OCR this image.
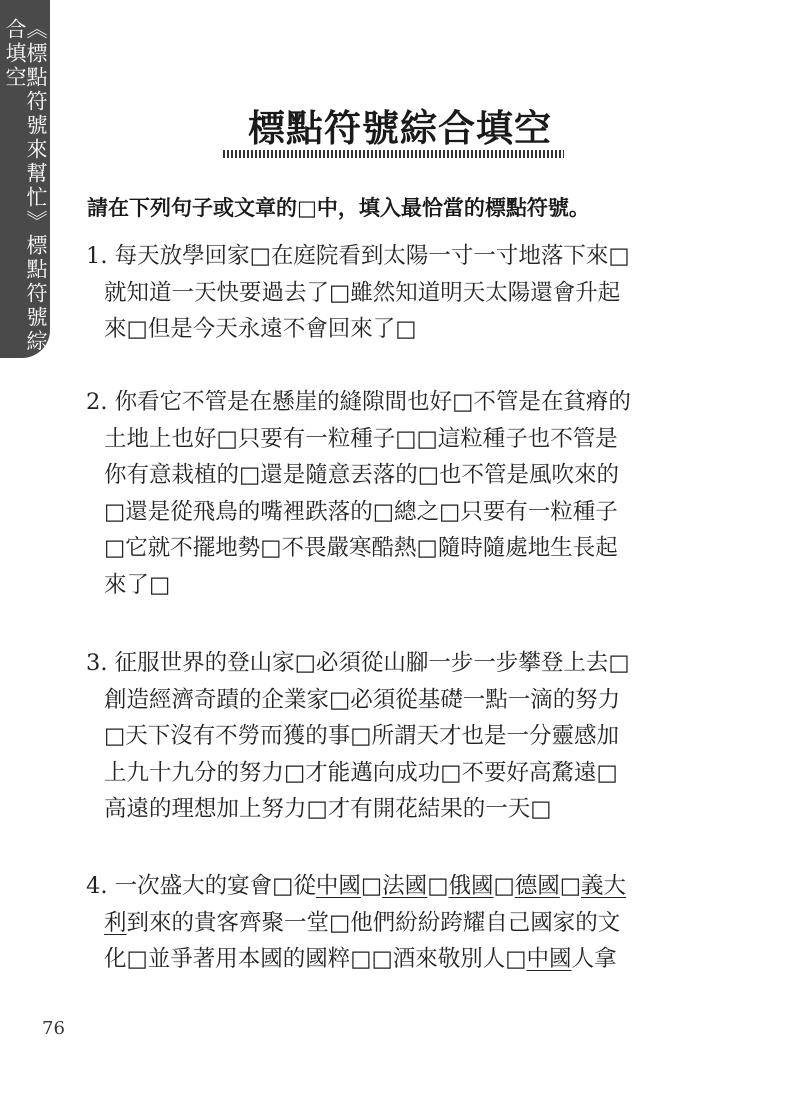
《標點符號來幫忙》標點符號綜合填空
標點符號綜合填空

請在下列句子或文章的□中，填入最恰當的標點符號。

1. 每天放學回家□在庭院看到太陽一寸一寸地落下來□
就知道一天快要過去了□雖然知道明天太陽還會升起
來□但是今天永遠不會回來了□
2. 你看它不管是在懸崖的縫隙間也好□不管是在貧瘠的
土地上也好□只要有一粒種子□□這粒種子也不管是
你有意栽植的□還是隨意丟落的□也不管是風吹來的
□還是從飛鳥的嘴裡跌落的□總之□只要有一粒種子
□它就不擺地勢□不畏嚴寒酷熱□隨時隨處地生長起
來了□
3. 征服世界的登山家□必須從山腳一步一步攀登上去□
創造經濟奇蹟的企業家□必須從基礎一點一滴的努力
□天下沒有不勞而獲的事□所謂天才也是一分靈感加
上九十九分的努力□才能邁向成功□不要好高騖遠□
高遠的理想加上努力□才有開花結果的一天□
4. 一次盛大的宴會□從中國□法國□俄國□德國□義大
利到來的貴客齊聚一堂□他們紛紛跨耀自己國家的文
化□並爭著用本國的國粹□□酒來敬別人□中國人拿

76
